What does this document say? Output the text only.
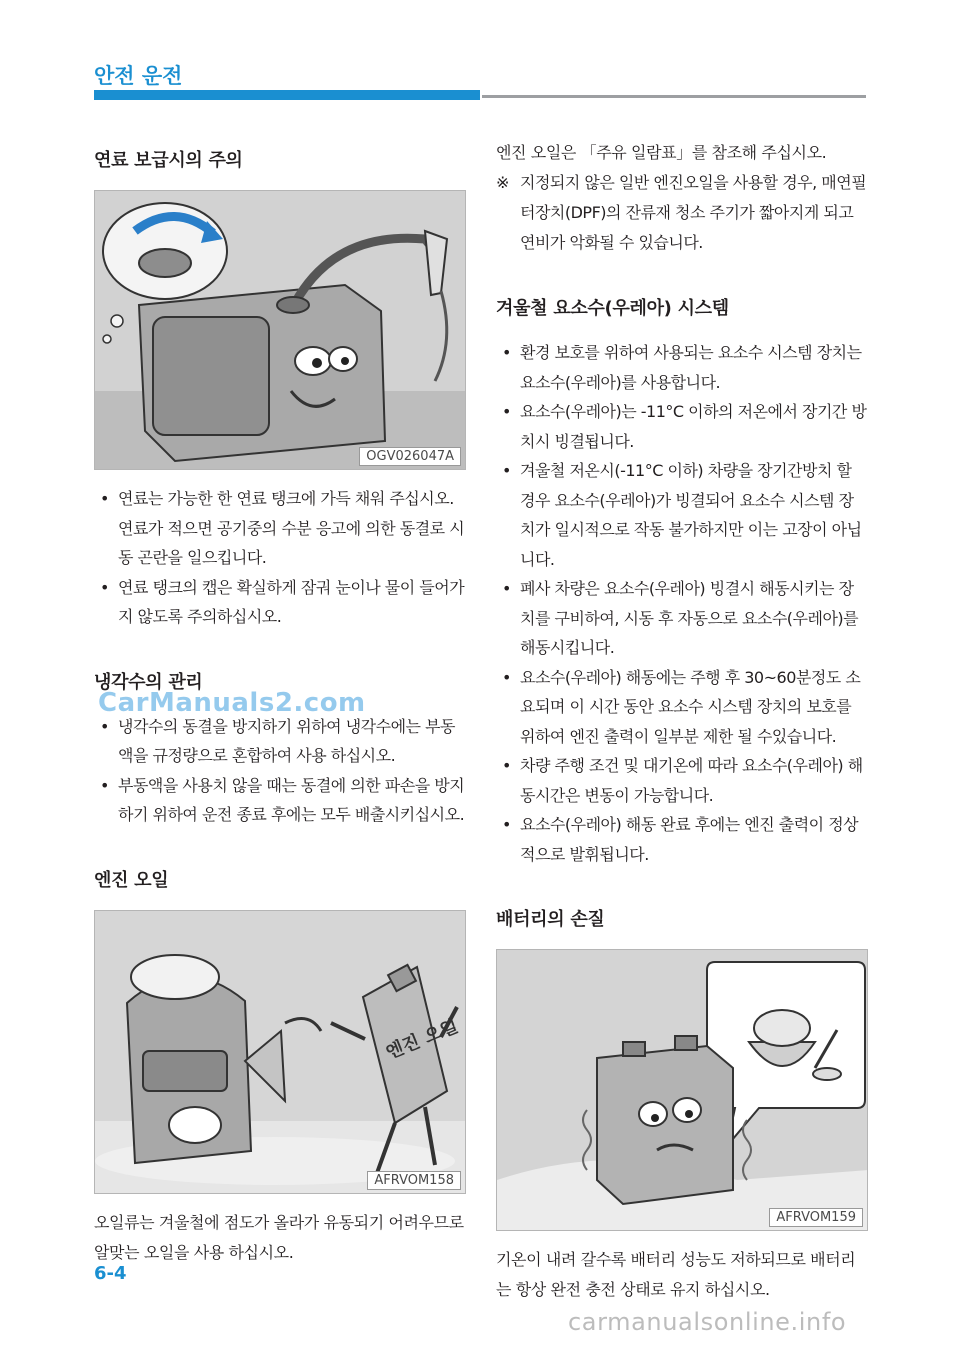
안전 운전
연료 보급시의 주의
OGV026047A
• 연료는 가능한 한 연료 탱크에 가득 채워 주십시오. 연료가 적으면 공기중의 수분 응고에 의한 동결로 시동 곤란을 일으킵니다.
• 연료 탱크의 캡은 확실하게 잠궈 눈이나 물이 들어가지 않도록 주의하십시오.
냉각수의 관리
• 냉각수의 동결을 방지하기 위하여 냉각수에는 부동액을 규정량으로 혼합하여 사용 하십시오.
• 부동액을 사용치 않을 때는 동결에 의한 파손을 방지하기 위하여 운전 종료 후에는 모두 배출시키십시오.
엔진 오일
엔진 오일
AFRVOM158

오일류는 겨울철에 점도가 올라가 유동되기 어려우므로 알맞는 오일을 사용 하십시오.

엔진 오일은 「주유 일람표」를 참조해 주십시오.

※ 지정되지 않은 일반 엔진오일을 사용할 경우, 매연필터장치(DPF)의 잔류재 청소 주기가 짧아지게 되고 연비가 악화될 수 있습니다.
겨울철 요소수(우레아) 시스템
• 환경 보호를 위하여 사용되는 요소수 시스템 장치는 요소수(우레아)를 사용합니다.
• 요소수(우레아)는 -11°C 이하의 저온에서 장기간 방치시 빙결됩니다.
• 겨울철 저온시(-11°C 이하) 차량을 장기간방치 할 경우 요소수(우레아)가 빙결되어 요소수 시스템 장치가 일시적으로 작동 불가하지만 이는 고장이 아닙니다.
• 폐사 차량은 요소수(우레아) 빙결시 해동시키는 장치를 구비하여, 시동 후 자동으로 요소수(우레아)를 해동시킵니다.
• 요소수(우레아) 해동에는 주행 후 30~60분정도 소요되며 이 시간 동안 요소수 시스템 장치의 보호를 위하여 엔진 출력이 일부분 제한 될 수있습니다.
• 차량 주행 조건 및 대기온에 따라 요소수(우레아) 해동시간은 변동이 가능합니다.
• 요소수(우레아) 해동 완료 후에는 엔진 출력이 정상적으로 발휘됩니다.
배터리의 손질
AFRVOM159

기온이 내려 갈수록 배터리 성능도 저하되므로 배터리는 항상 완전 충전 상태로 유지 하십시오.

6-4
CarManuals2.com
carmanualsonline.info
